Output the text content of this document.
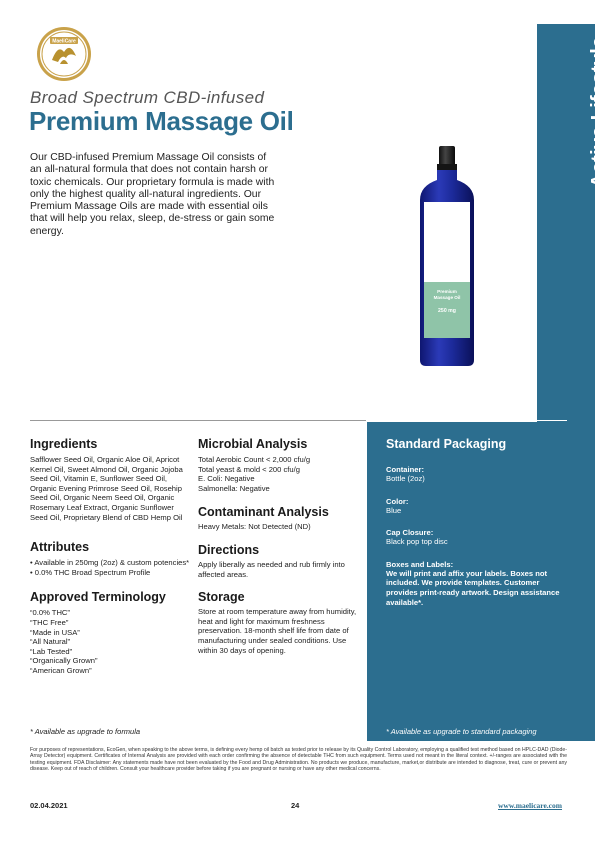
Active Lifestyle
MaeliCare
Broad Spectrum CBD-infused
Premium Massage Oil
Our CBD-infused Premium Massage Oil consists of an all-natural formula that does not contain harsh or toxic chemicals. Our proprietary formula is made with only the highest quality all-natural ingredients. Our Premium Massage Oils are made with essential oils that will help you relax, sleep, de-stress or gain some energy.
Premium
Massage Oil
250 mg
Ingredients
Safflower Seed Oil, Organic Aloe Oil, Apricot Kernel Oil, Sweet Almond Oil, Organic Jojoba Seed Oil, Vitamin E, Sunflower Seed Oil, Organic Evening Primrose Seed Oil, Rosehip Seed Oil, Organic Neem Seed Oil, Organic Rosemary Leaf Extract, Organic Sunflower Seed Oil, Proprietary Blend of CBD Hemp Oil
Attributes
• Available in 250mg (2oz) & custom potencies*
• 0.0% THC Broad Spectrum Profile
Approved Terminology
“0.0% THC”
“THC Free”
“Made in USA”
“All Natural”
“Lab Tested”
“Organically Grown”
“American Grown”
Microbial Analysis
Total Aerobic Count < 2,000 cfu/g
Total yeast & mold < 200 cfu/g
E. Coli: Negative
Salmonella: Negative
Contaminant Analysis
Heavy Metals: Not Detected (ND)
Directions
Apply liberally as needed and rub firmly into affected areas.
Storage
Store at room temperature away from humidity, heat and light for maximum freshness preservation. 18-month shelf life from date of manufacturing under sealed conditions. Use within 30 days of opening.
Standard Packaging
Container:
Bottle (2oz)
Color:
Blue
Cap Closure:
Black pop top disc
Boxes and Labels:
We will print and affix your labels. Boxes not included. We provide templates. Customer provides print-ready artwork. Design assistance available*.
* Available as upgrade to formula	* Available as upgrade to standard packaging
For purposes of representations, EcoGen, when speaking to the above terms, is defining every hemp oil batch as tested prior to release by its Quality Control Laboratory, employing a qualified test method based on HPLC-DAD (Diode-Array Detector) equipment. Certificates of Internal Analysis are provided with each order confirming the absence of detectable THC from such equipment. Terms used not meant in the literal context. +/-ranges are associated with the testing equipment. FDA Disclaimer: Any statements made have not been evaluated by the Food and Drug Administration. No products we produce, manufacture, market,or distribute are intended to diagnose, treat, cure or prevent any disease. Keep out of reach of children. Consult your healthcare provider before taking if you are pregnant or nursing or have any other medical concerns.
02.04.2021	24	www.maelicare.com
